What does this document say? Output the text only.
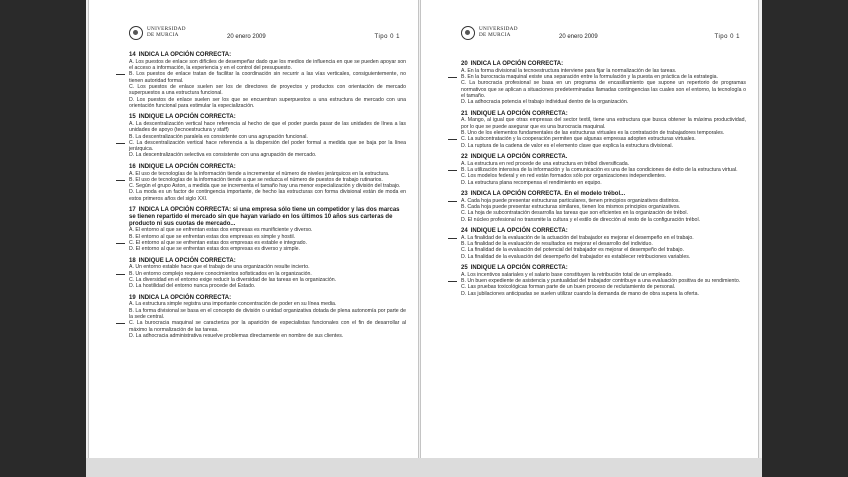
UNIVERSIDAD
DE MURCIA	20 enero 2009	Tipo 0 1
14 INDICA LA OPCIÓN CORRECTA:
A. Los puestos de enlace son difíciles de desempeñar dado que los medios de influencia en que se pueden apoyar son el acceso a información, la experiencia y en el control del presupuesto.
B. Los puestos de enlace tratan de facilitar la coordinación sin recurrir a las vías verticales, consiguientemente, no tienen autoridad formal.
C. Los puestos de enlace suelen ser los de directores de proyectos y productos con orientación de mercado superpuestos a una estructura funcional.
D. Los puestos de enlace suelen ser los que se encuentran superpuestos a una estructura de mercado con una orientación funcional para estimular la especialización.
15 INDIQUE LA OPCIÓN CORRECTA:
A. La descentralización vertical hace referencia al hecho de que el poder pueda pasar de las unidades de línea a las unidades de apoyo (tecnoestructura y staff)
B. La descentralización paralela es consistente con una agrupación funcional.
C. La descentralización vertical hace referencia a la dispersión del poder formal a medida que se baja por la línea jerárquica.
D. La descentralización selectiva es consistente con una agrupación de mercado.
16 INDIQUE LA OPCIÓN CORRECTA:
A. El uso de tecnologías de la información tiende a incrementar el número de niveles jerárquicos en la estructura.
B. El uso de tecnologías de la información tiende a que se reduzca el número de puestos de trabajo rutinarios.
C. Según el grupo Aston, a medida que se incrementa el tamaño hay una menor especialización y división del trabajo.
D. La moda es un factor de contingencia importante, de hecho las estructuras con forma divisional están de moda en estos primeros años del siglo XXI.
17 INDICA LA OPCIÓN CORRECTA: si una empresa sólo tiene un competidor y las dos marcas se tienen repartido el mercado sin que hayan variado en los últimos 10 años sus carteras de producto ni sus cuotas de mercado...
A. El entorno al que se enfrentan estas dos empresas es munificiente y diverso.
B. El entorno al que se enfrentan estas dos empresas es simple y hostil.
C. El entorno al que se enfrentan estas dos empresas es estable e integrado.
D. El entorno al que se enfrentan estas dos empresas es diverso y simple.
18 INDIQUE LA OPCIÓN CORRECTA:
A. Un entorno estable hace que el trabajo de una organización resulte incierto.
B. Un entorno complejo requiere conocimientos sofisticados en la organización.
C. La diversidad en el entorno exige reducir la diversidad de las tareas en la organización.
D. La hostilidad del entorno nunca procede del Estado.
19 INDICA LA OPCIÓN CORRECTA:
A. La estructura simple registra una importante concentración de poder en su línea media.
B. La forma divisional se basa en el concepto de división o unidad organizativa dotada de plena autonomía por parte de la sede central.
C. La burocracia maquinal se caracteriza por la aparición de especialistas funcionales con el fin de desarrollar al máximo la normalización de las tareas.
D. La adhocracia administrativa resuelve problemas directamente en nombre de sus clientes.
UNIVERSIDAD
DE MURCIA	20 enero 2009	Tipo 0 1
20 INDICA LA OPCIÓN CORRECTA:
A. En la forma divisional la tecnoestructura interviene para fijar la normalización de las tareas.
B. En la burocracia maquinal existe una separación entre la formulación y la puesta en práctica de la estrategia.
C. La burocracia profesional se basa en un programa de encasillamiento que supone un repertorio de programas normativos que se aplican a situaciones predeterminadas llamadas contingencias las cuales son el entorno, la tecnología o el tamaño.
D. La adhocracia potencia el trabajo individual dentro de la organización.
21 INDIQUE LA OPCIÓN CORRECTA:
A. Mango, al igual que otras empresas del sector textil, tiene una estructura que busca obtener la máxima productividad, por lo que se puede asegurar que es una burocracia maquinal.
B. Uno de los elementos fundamentales de las estructuras virtuales es la contratación de trabajadores temporales.
C. La subcontratación y la cooperación permiten que algunas empresas adopten estructuras virtuales.
D. La ruptura de la cadena de valor es el elemento clave que explica la estructura divisional.
22 INDIQUE LA OPCIÓN CORRECTA.
A. La estructura en red procede de una estructura en trébol diversificada.
B. La utilización intensiva de la información y la comunicación es una de las condiciones de éxito de la estructura virtual.
C. Los modelos federal y en red están formados sólo por organizaciones independientes.
D. La estructura plana recompensa el rendimiento en equipo.
23 INDICA LA OPCIÓN CORRECTA. En el modelo trébol...
A. Cada hoja puede presentar estructuras particulares, tienen principios organizativos distintos.
B. Cada hoja puede presentar estructuras similares, tienen los mismos principios organizativos.
C. La hoja de subcontratación desarrolla las tareas que son eficientes en la organización de trébol.
D. El núcleo profesional no transmite la cultura y el estilo de dirección al resto de la configuración trébol.
24 INDIQUE LA OPCIÓN CORRECTA:
A. La finalidad de la evaluación de la actuación del trabajador es mejorar el desempeño en el trabajo.
B. La finalidad de la evaluación de resultados es mejorar el desarrollo del individuo.
C. La finalidad de la evaluación del potencial del trabajador es mejorar el desempeño del trabajo.
D. La finalidad de la evaluación del desempeño del trabajador es establecer retribuciones variables.
25 INDIQUE LA OPCIÓN CORRECTA:
A. Los incentivos salariales y el salario base constituyen la retribución total de un empleado.
B. Un buen expediente de asistencia y puntualidad del trabajador contribuye a una evaluación positiva de su rendimiento.
C. Las pruebas toxicológicas forman parte de un buen proceso de reclutamiento de personal.
D. Las jubilaciones anticipadas se suelen utilizar cuando la demanda de mano de obra supera la oferta.
